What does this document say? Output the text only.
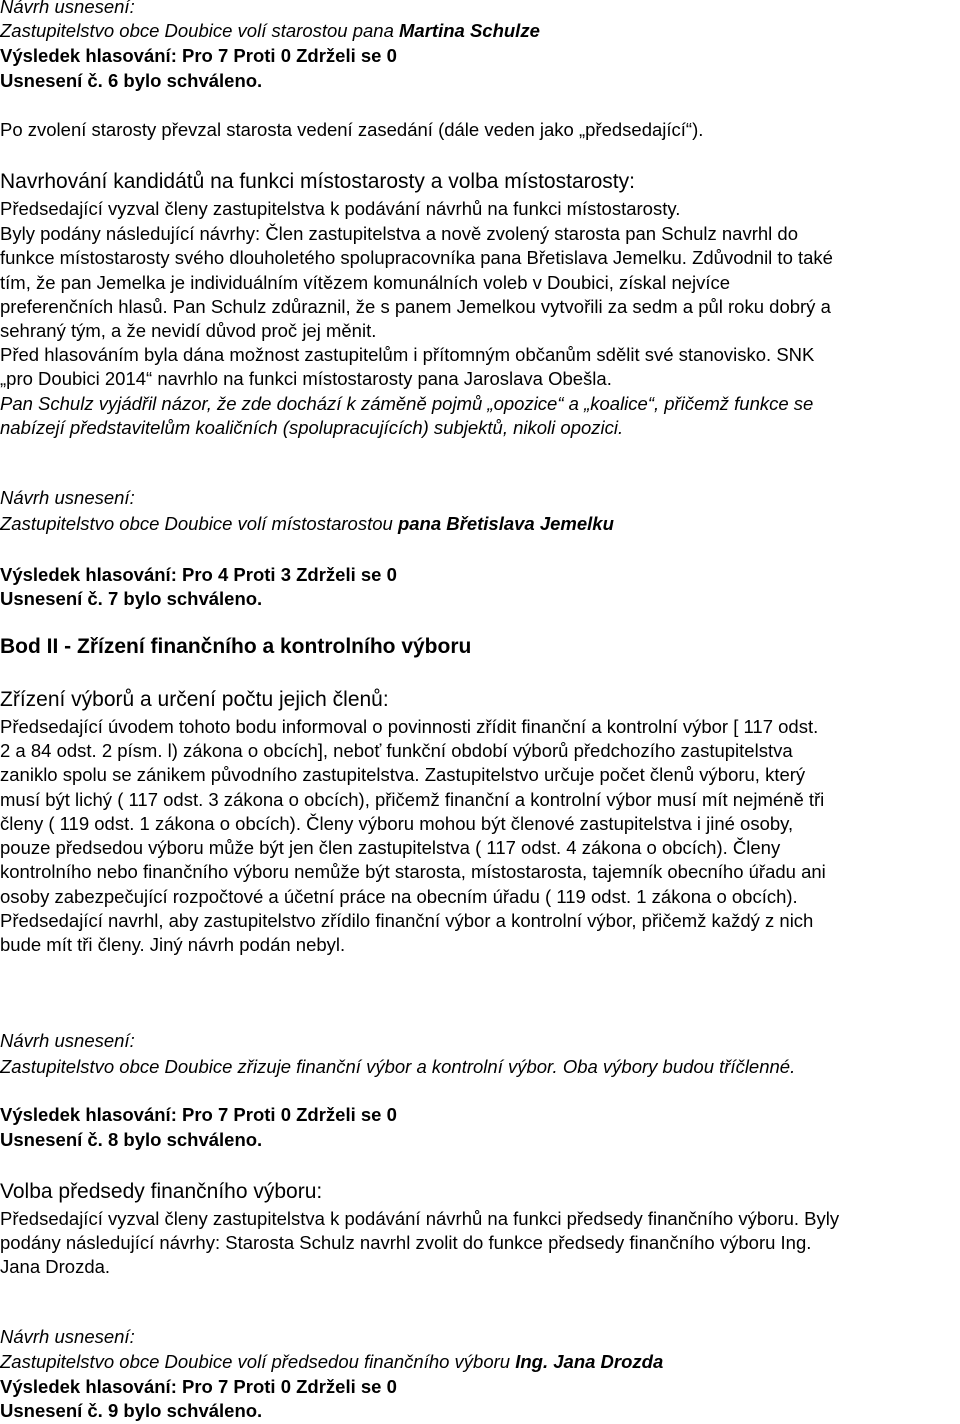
Návrh usnesení:
Zastupitelstvo obce Doubice volí starostou pana Martina Schulze
Výsledek hlasování: Pro 7 Proti 0 Zdrželi se 0
Usnesení č. 6 bylo schváleno.
Po zvolení starosty převzal starosta vedení zasedání (dále veden jako „předsedající“).
Navrhování kandidátů na funkci místostarosty a volba místostarosty:
Předsedající vyzval členy zastupitelstva k podávání návrhů na funkci místostarosty.
Byly podány následující návrhy: Člen zastupitelstva a nově zvolený starosta pan Schulz navrhl do
funkce místostarosty svého dlouholetého spolupracovníka pana Břetislava Jemelku. Zdůvodnil to také
tím, že pan Jemelka je individuálním vítězem komunálních voleb v Doubici, získal nejvíce
preferenčních hlasů. Pan Schulz zdůraznil, že s panem Jemelkou vytvořili za sedm a půl roku dobrý a
sehraný tým, a že nevidí důvod proč jej měnit.
Před hlasováním byla dána možnost zastupitelům i přítomným občanům sdělit své stanovisko. SNK
„pro Doubici 2014“ navrhlo na funkci místostarosty pana Jaroslava Obešla.
Pan Schulz vyjádřil názor, že zde dochází k záměně pojmů „opozice“ a „koalice“, přičemž funkce se
nabízejí představitelům koaličních (spolupracujících) subjektů, nikoli opozici.
Návrh usnesení:
Zastupitelstvo obce Doubice volí místostarostou pana Břetislava Jemelku
Výsledek hlasování: Pro 4 Proti 3 Zdrželi se 0
Usnesení č. 7 bylo schváleno.
Bod II - Zřízení finančního a kontrolního výboru
Zřízení výborů a určení počtu jejich členů:
Předsedající úvodem tohoto bodu informoval o povinnosti zřídit finanční a kontrolní výbor [ 117 odst.
2 a 84 odst. 2 písm. l) zákona o obcích], neboť funkční období výborů předchozího zastupitelstva
zaniklo spolu se zánikem původního zastupitelstva. Zastupitelstvo určuje počet členů výboru, který
musí být lichý ( 117 odst. 3 zákona o obcích), přičemž finanční a kontrolní výbor musí mít nejméně tři
členy ( 119 odst. 1 zákona o obcích). Členy výboru mohou být členové zastupitelstva i jiné osoby,
pouze předsedou výboru může být jen člen zastupitelstva ( 117 odst. 4 zákona o obcích). Členy
kontrolního nebo finančního výboru nemůže být starosta, místostarosta, tajemník obecního úřadu ani
osoby zabezpečující rozpočtové a účetní práce na obecním úřadu ( 119 odst. 1 zákona o obcích).
Předsedající navrhl, aby zastupitelstvo zřídilo finanční výbor a kontrolní výbor, přičemž každý z nich
bude mít tři členy. Jiný návrh podán nebyl.
Návrh usnesení:
Zastupitelstvo obce Doubice zřizuje finanční výbor a kontrolní výbor. Oba výbory budou tříčlenné.
Výsledek hlasování: Pro 7 Proti 0 Zdrželi se 0
Usnesení č. 8 bylo schváleno.
Volba předsedy finančního výboru:
Předsedající vyzval členy zastupitelstva k podávání návrhů na funkci předsedy finančního výboru. Byly
podány následující návrhy: Starosta Schulz navrhl zvolit do funkce předsedy finančního výboru Ing.
Jana Drozda.
Návrh usnesení:
Zastupitelstvo obce Doubice volí předsedou finančního výboru Ing. Jana Drozda
Výsledek hlasování: Pro 7 Proti 0 Zdrželi se 0
Usnesení č. 9 bylo schváleno.
